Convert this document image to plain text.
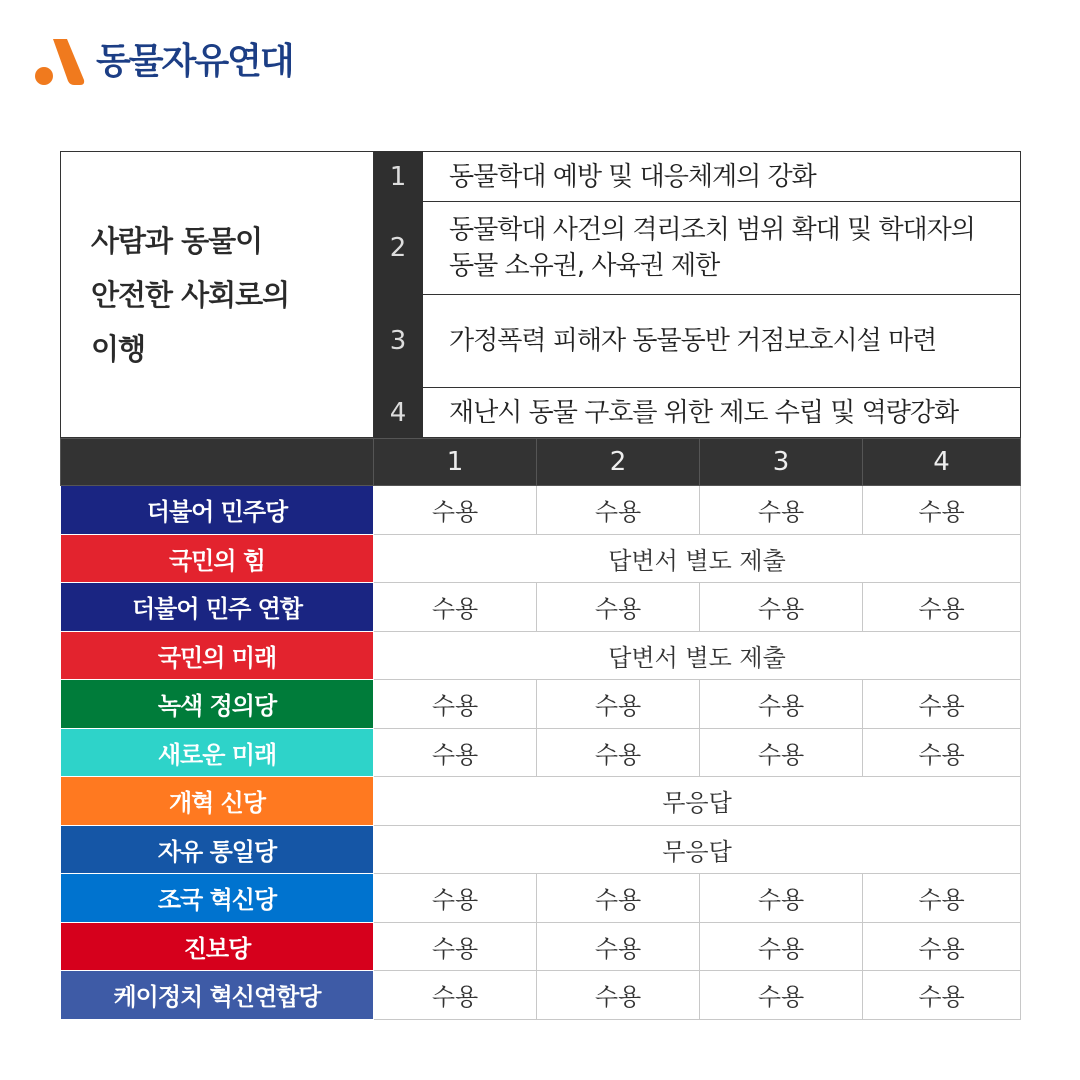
동물자유연대
사람과 동물이
안전한 사회로의
이행	1	동물학대 예방 및 대응체계의 강화
	2	동물학대 사건의 격리조치 범위 확대 및 학대자의
동물 소유권, 사육권 제한

	3	가정폭력 피해자 동물동반 거점보호시설 마련
	4	재난시 동물 구호를 위한 제도 수립 및 역량강화
	1	2	3	4
더불어 민주당	수용	수용	수용	수용
국민의 힘	답변서 별도 제출			
더불어 민주 연합	수용	수용	수용	수용
국민의 미래	답변서 별도 제출			
녹색 정의당	수용	수용	수용	수용
새로운 미래	수용	수용	수용	수용
개혁 신당	무응답			
자유 통일당	무응답			
조국 혁신당	수용	수용	수용	수용
진보당	수용	수용	수용	수용
케이정치 혁신연합당	수용	수용	수용	수용
